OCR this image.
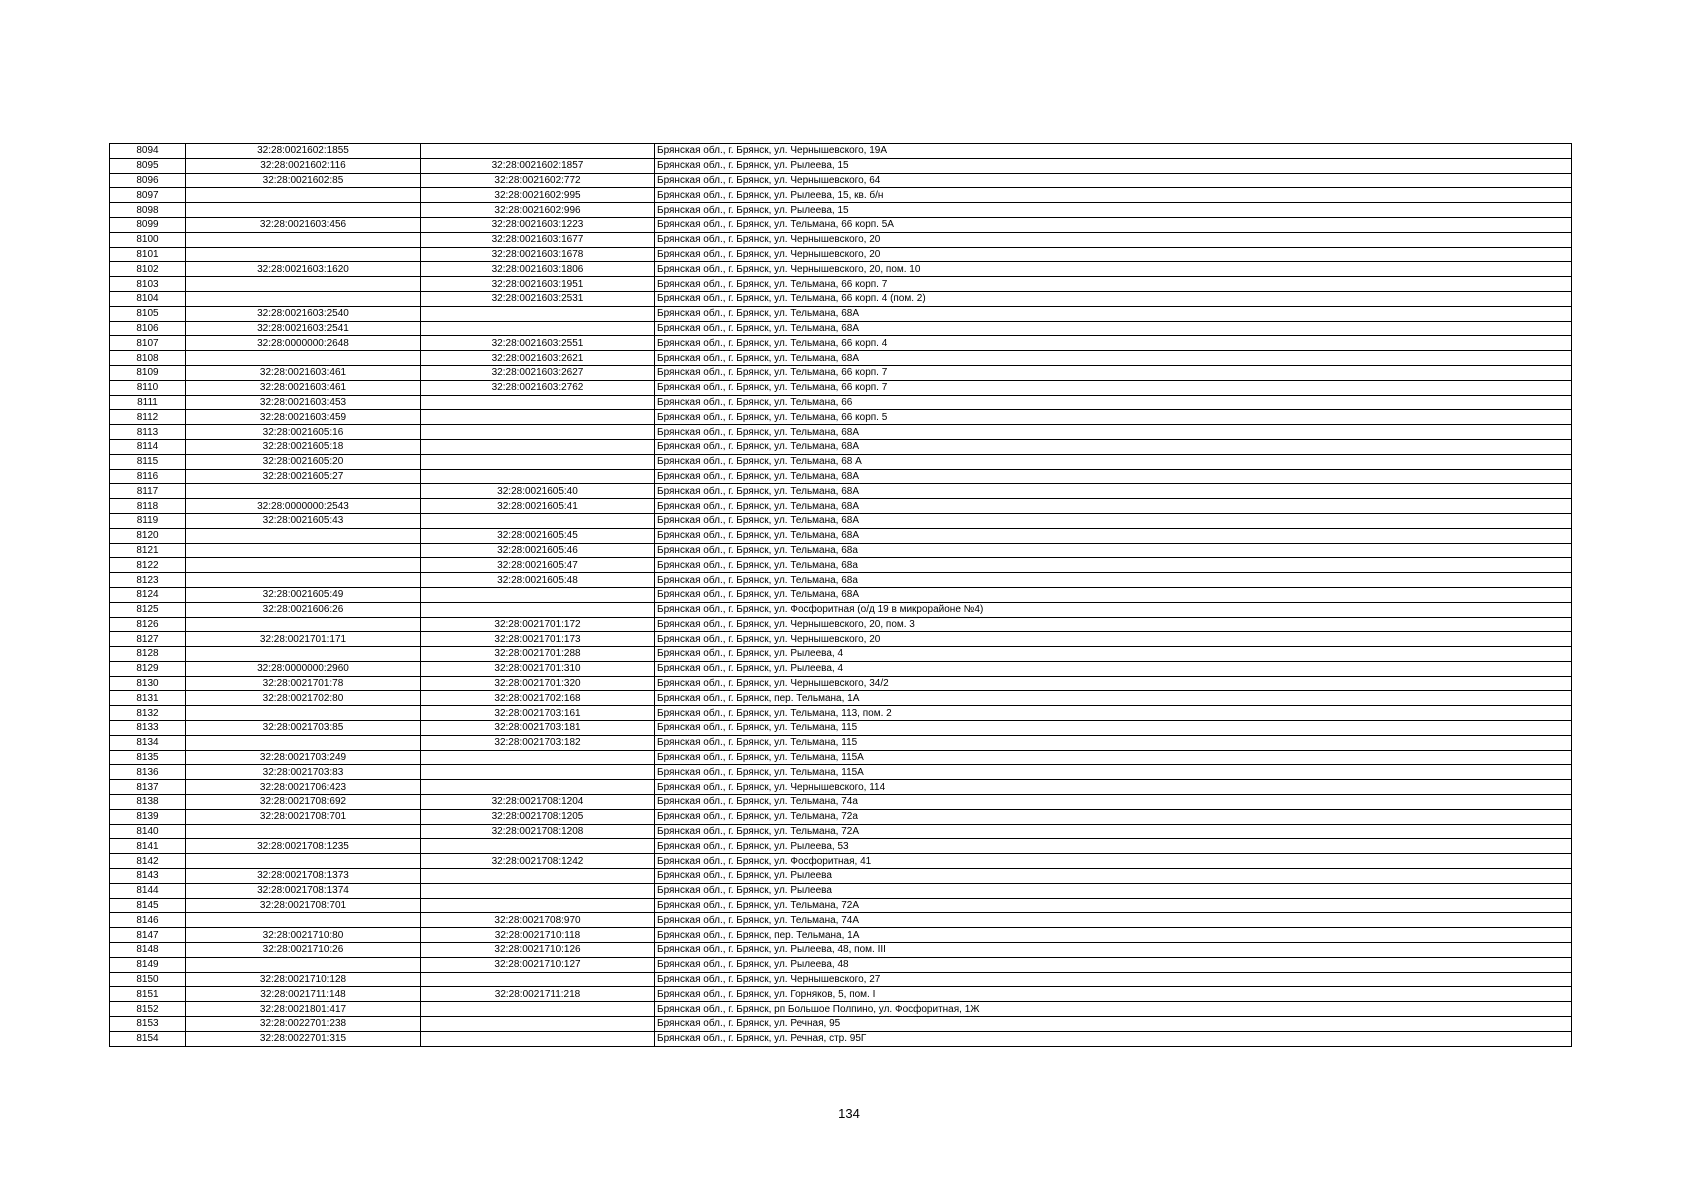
8094	32:28:0021602:1855		Брянская обл., г. Брянск, ул. Чернышевского, 19А
8095	32:28:0021602:116	32:28:0021602:1857	Брянская обл., г. Брянск, ул. Рылеева, 15
8096	32:28:0021602:85	32:28:0021602:772	Брянская обл., г. Брянск, ул. Чернышевского, 64
8097		32:28:0021602:995	Брянская обл., г. Брянск, ул. Рылеева, 15, кв. б/н
8098		32:28:0021602:996	Брянская обл., г. Брянск, ул. Рылеева, 15
8099	32:28:0021603:456	32:28:0021603:1223	Брянская обл., г. Брянск, ул. Тельмана, 66 корп. 5А
8100		32:28:0021603:1677	Брянская обл., г. Брянск, ул. Чернышевского, 20
8101		32:28:0021603:1678	Брянская обл., г. Брянск, ул. Чернышевского, 20
8102	32:28:0021603:1620	32:28:0021603:1806	Брянская обл., г. Брянск, ул. Чернышевского, 20, пом. 10
8103		32:28:0021603:1951	Брянская обл., г. Брянск, ул. Тельмана, 66 корп. 7
8104		32:28:0021603:2531	Брянская обл., г. Брянск, ул. Тельмана, 66 корп. 4 (пом. 2)
8105	32:28:0021603:2540		Брянская обл., г. Брянск, ул. Тельмана, 68А
8106	32:28:0021603:2541		Брянская обл., г. Брянск, ул. Тельмана, 68А
8107	32:28:0000000:2648	32:28:0021603:2551	Брянская обл., г. Брянск, ул. Тельмана, 66 корп. 4
8108		32:28:0021603:2621	Брянская обл., г. Брянск, ул. Тельмана, 68А
8109	32:28:0021603:461	32:28:0021603:2627	Брянская обл., г. Брянск, ул. Тельмана, 66 корп. 7
8110	32:28:0021603:461	32:28:0021603:2762	Брянская обл., г. Брянск, ул. Тельмана, 66 корп. 7
8111	32:28:0021603:453		Брянская обл., г. Брянск, ул. Тельмана, 66
8112	32:28:0021603:459		Брянская обл., г. Брянск, ул. Тельмана, 66 корп. 5
8113	32:28:0021605:16		Брянская обл., г. Брянск, ул. Тельмана, 68А
8114	32:28:0021605:18		Брянская обл., г. Брянск, ул. Тельмана, 68А
8115	32:28:0021605:20		Брянская обл., г. Брянск, ул. Тельмана, 68 А
8116	32:28:0021605:27		Брянская обл., г. Брянск, ул. Тельмана, 68А
8117		32:28:0021605:40	Брянская обл., г. Брянск, ул. Тельмана, 68А
8118	32:28:0000000:2543	32:28:0021605:41	Брянская обл., г. Брянск, ул. Тельмана, 68А
8119	32:28:0021605:43		Брянская обл., г. Брянск, ул. Тельмана, 68А
8120		32:28:0021605:45	Брянская обл., г. Брянск, ул. Тельмана, 68А
8121		32:28:0021605:46	Брянская обл., г. Брянск, ул. Тельмана, 68а
8122		32:28:0021605:47	Брянская обл., г. Брянск, ул. Тельмана, 68а
8123		32:28:0021605:48	Брянская обл., г. Брянск, ул. Тельмана, 68а
8124	32:28:0021605:49		Брянская обл., г. Брянск, ул. Тельмана, 68А
8125	32:28:0021606:26		Брянская обл., г. Брянск, ул. Фосфоритная (о/д 19 в микрорайоне №4)
8126		32:28:0021701:172	Брянская обл., г. Брянск, ул. Чернышевского, 20, пом. 3
8127	32:28:0021701:171	32:28:0021701:173	Брянская обл., г. Брянск, ул. Чернышевского, 20
8128		32:28:0021701:288	Брянская обл., г. Брянск, ул. Рылеева, 4
8129	32:28:0000000:2960	32:28:0021701:310	Брянская обл., г. Брянск, ул. Рылеева, 4
8130	32:28:0021701:78	32:28:0021701:320	Брянская обл., г. Брянск, ул. Чернышевского, 34/2
8131	32:28:0021702:80	32:28:0021702:168	Брянская обл., г. Брянск, пер. Тельмана, 1А
8132		32:28:0021703:161	Брянская обл., г. Брянск, ул. Тельмана, 113, пом. 2
8133	32:28:0021703:85	32:28:0021703:181	Брянская обл., г. Брянск, ул. Тельмана, 115
8134		32:28:0021703:182	Брянская обл., г. Брянск, ул. Тельмана, 115
8135	32:28:0021703:249		Брянская обл., г. Брянск, ул. Тельмана, 115А
8136	32:28:0021703:83		Брянская обл., г. Брянск, ул. Тельмана, 115А
8137	32:28:0021706:423		Брянская обл., г. Брянск, ул. Чернышевского, 114
8138	32:28:0021708:692	32:28:0021708:1204	Брянская обл., г. Брянск, ул. Тельмана, 74а
8139	32:28:0021708:701	32:28:0021708:1205	Брянская обл., г. Брянск, ул. Тельмана, 72а
8140		32:28:0021708:1208	Брянская обл., г. Брянск, ул. Тельмана, 72А
8141	32:28:0021708:1235		Брянская обл., г. Брянск, ул. Рылеева, 53
8142		32:28:0021708:1242	Брянская обл., г. Брянск, ул. Фосфоритная, 41
8143	32:28:0021708:1373		Брянская обл., г. Брянск, ул. Рылеева
8144	32:28:0021708:1374		Брянская обл., г. Брянск, ул. Рылеева
8145	32:28:0021708:701		Брянская обл., г. Брянск, ул. Тельмана, 72А
8146		32:28:0021708:970	Брянская обл., г. Брянск, ул. Тельмана, 74А
8147	32:28:0021710:80	32:28:0021710:118	Брянская обл., г. Брянск, пер. Тельмана, 1А
8148	32:28:0021710:26	32:28:0021710:126	Брянская обл., г. Брянск, ул. Рылеева, 48, пом. III
8149		32:28:0021710:127	Брянская обл., г. Брянск, ул. Рылеева, 48
8150	32:28:0021710:128		Брянская обл., г. Брянск, ул. Чернышевского, 27
8151	32:28:0021711:148	32:28:0021711:218	Брянская обл., г. Брянск, ул. Горняков, 5, пом. I
8152	32:28:0021801:417		Брянская обл., г. Брянск, рп Большое Полпино, ул. Фосфоритная, 1Ж
8153	32:28:0022701:238		Брянская обл., г. Брянск, ул. Речная, 95
8154	32:28:0022701:315		Брянская обл., г. Брянск, ул. Речная, стр. 95Г
134
